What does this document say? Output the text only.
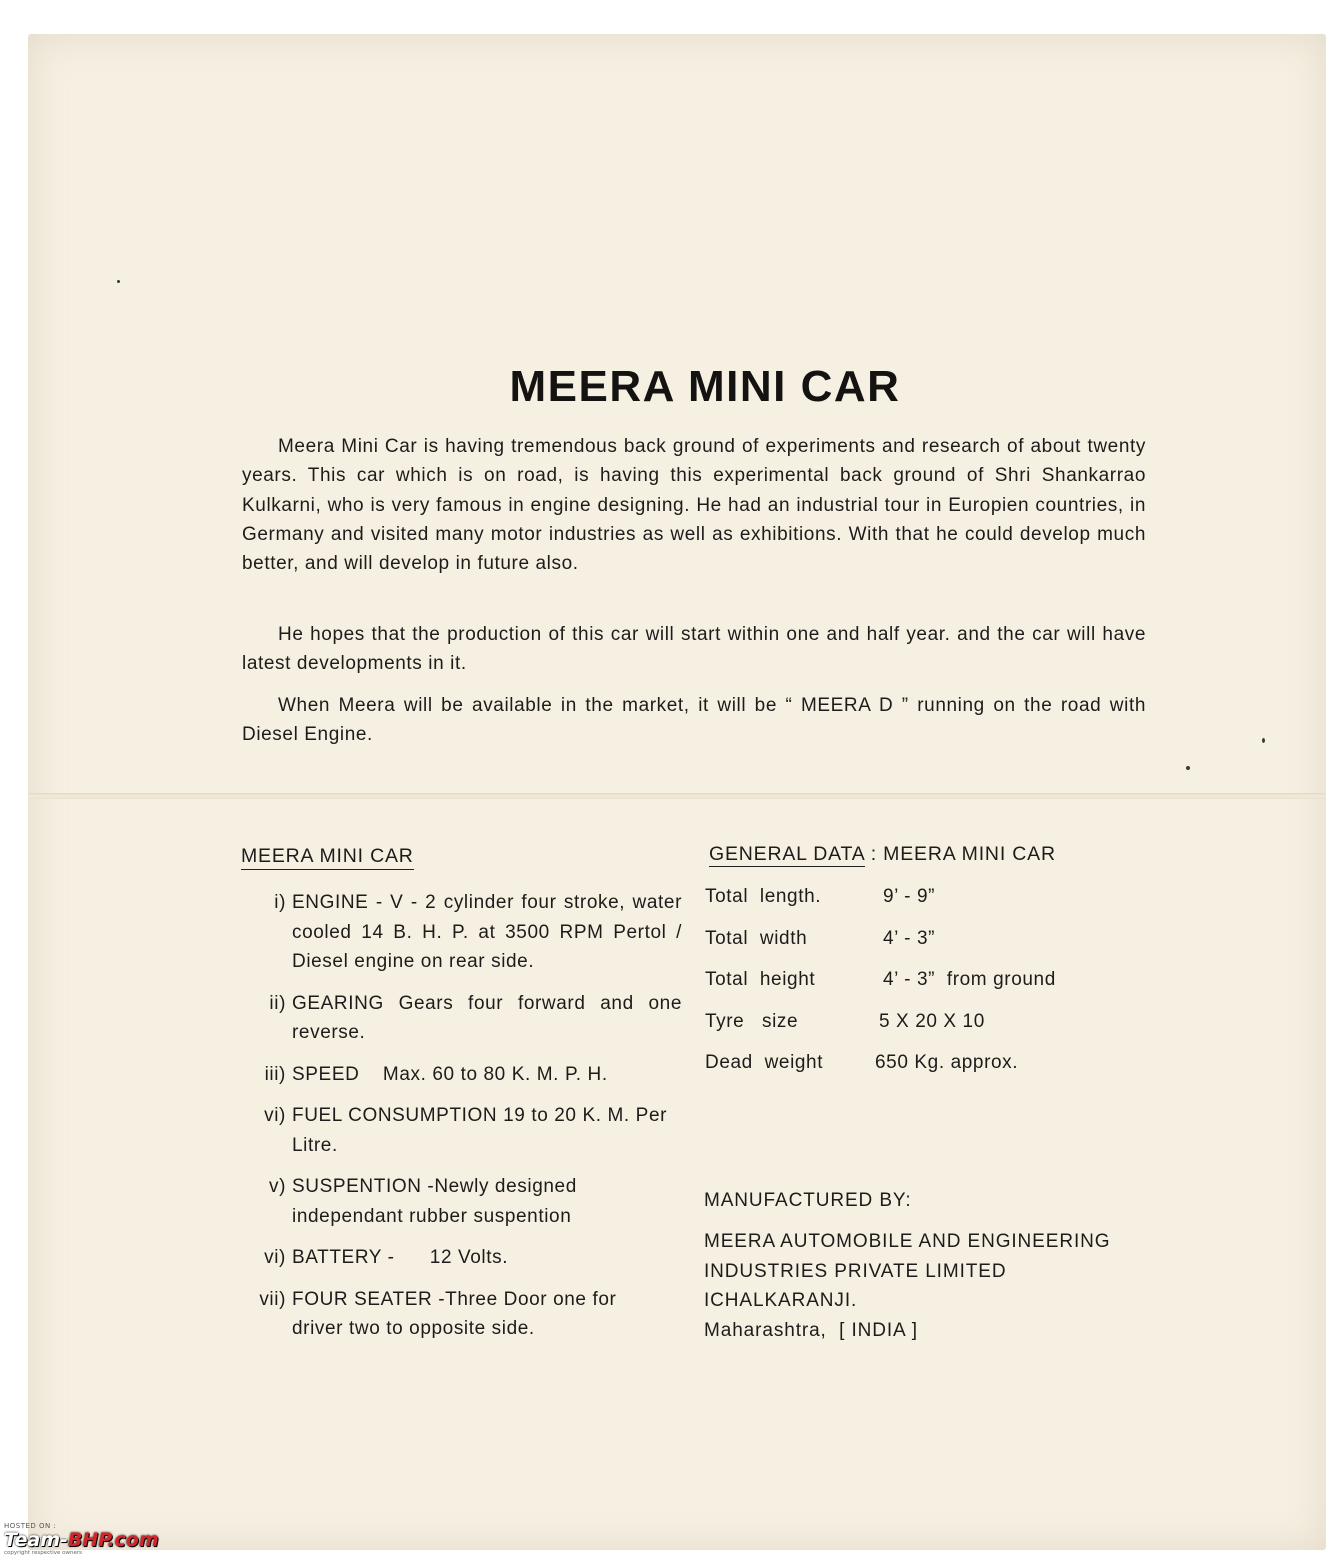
MEERA MINI CAR
Meera Mini Car is having tremendous back ground of experiments and research of about twenty years. This car which is on road, is having this experimental back ground of Shri Shankarrao Kulkarni, who is very famous in engine designing. He had an industrial tour in Europien countries, in Germany and visited many motor industries as well as exhibitions. With that he could develop much better, and will develop in future also.
He hopes that the production of this car will start within one and half year. and the car will have latest developments in it.
When Meera will be available in the market, it will be “ MEERA D ” running on the road with Diesel Engine.
MEERA MINI CAR
i) ENGINE - V - 2 cylinder four stroke, water cooled 14 B. H. P. at 3500 RPM Pertol / Diesel engine on rear side.
ii) GEARING Gears four forward and one reverse.
iii) SPEED    Max. 60 to 80 K. M. P. H.
vi) FUEL CONSUMPTION 19 to 20 K. M. Per Litre.
v) SUSPENTION -Newly designed independant rubber suspention
vi) BATTERY -      12 Volts.
vii) FOUR SEATER -Three Door one for driver two to opposite side.
GENERAL DATA : MEERA MINI CAR
Total  length.	9’ - 9”
Total  width	4’ - 3”
Total  height	4’ - 3”  from ground
Tyre   size	5 X 20 X 10
Dead  weight	650 Kg. approx.
MANUFACTURED BY:
MEERA AUTOMOBILE AND ENGINEERING
INDUSTRIES PRIVATE LIMITED
ICHALKARANJI.
Maharashtra,  [ INDIA ]
HOSTED ON :
Team-BHP.com
copyright respective owners
